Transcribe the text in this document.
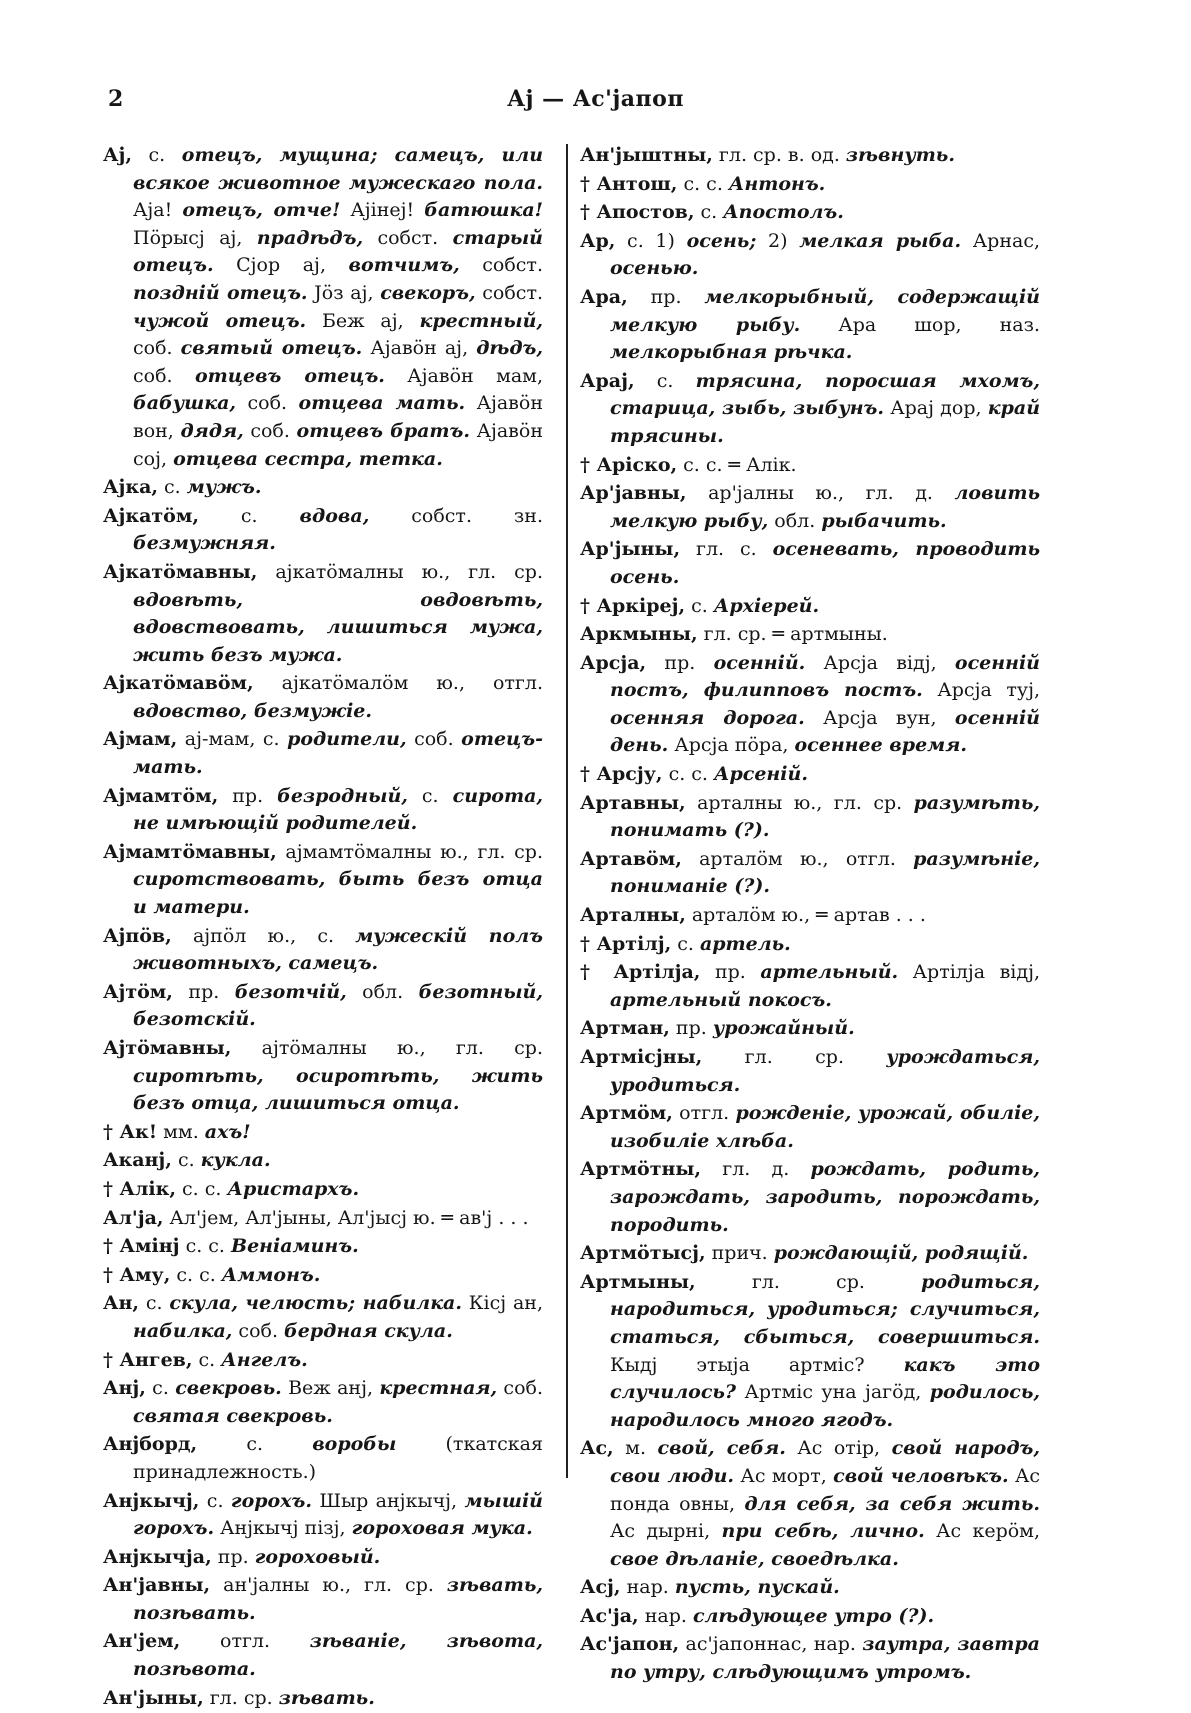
2	Аj — Ас'јапоп

Аj, с. отецъ, мущина; самецъ, или всякое животное мужескаго пола. Аја! отецъ, отче! Аjiнеj! батюшка! Пöрысj аj, прадѣдъ, собст. старый отецъ. Сjор аj, вотчимъ, собст. поздній отецъ. Jöз аj, свекоръ, собст. чужой отецъ. Беж аj, крестный, соб. святый отецъ. Аjавöн аj, дѣдъ, соб. отцевъ отецъ. Аjавöн мам, бабушка, соб. отцева мать. Аjавöн вон, дядя, соб. отцевъ братъ. Аjавöн соj, отцева сестра, тетка.

Аjка, с. мужъ.

Аjкатöм, с. вдова, собст. зн. безмужняя.

Аjкатöмавны, аjкатöмалны ю., гл. ср. вдовѣть, овдовѣть, вдовствовать, лишиться мужа, жить безъ мужа.

Аjкатöмавöм, аjкатöмалöм ю., отгл. вдовство, безмужіе.

Аjмам, аj-мам, с. родители, соб. отецъ-мать.

Аjмамтöм, пр. безродный, с. сирота, не имѣющій родителей.

Аjмамтöмавны, аjмамтöмалны ю., гл. ср. сиротствовать, быть безъ отца и матери.

Аjпöв, аjпöл ю., с. мужескій полъ животныхъ, самецъ.

Аjтöм, пр. безотчій, обл. безотный, безотскій.

Аjтöмавны, аjтöмалны ю., гл. ср. сиротѣть, осиротѣть, жить безъ отца, лишиться отца.

† Ак! мм. ахъ!

Аканj, с. кукла.

† Алiк, с. с. Аристархъ.

Ал'ја, Ал'jем, Ал'jыны, Ал'jысj ю. ═ ав'j . . .

† Амiнj с. с. Веніаминъ.

† Аму, с. с. Аммонъ.

Ан, с. скула, челюсть; набилка. Кiсj ан, набилка, соб. бердная скула.

† Ангев, с. Ангелъ.

Анj, с. свекровь. Веж анj, крестная, соб. святая свекровь.

Анjборд, с. воробы (ткатская принадлежность.)

Анjкычj, с. горохъ. Шыр анjкычj, мышій горохъ. Анjкычj пiзj, гороховая мука.

Анjкычја, пр. гороховый.

Ан'јавны, ан'јалны ю., гл. ср. зѣвать, позѣвать.

Ан'jем, отгл. зѣваніе, зѣвота, позѣвота.

Ан'jыны, гл. ср. зѣвать.

Ан'jыштны, гл. ср. в. од. зѣвнуть.

† Антош, с. с. Антонъ.

† Апостов, с. Апостолъ.

Ар, с. 1) осень; 2) мелкая рыба. Арнас, осенью.

Ара, пр. мелкорыбный, содержащій мелкую рыбу. Ара шор, наз. мелкорыбная рѣчка.

Араj, с. трясина, поросшая мхомъ, старица, зыбь, зыбунъ. Араj дор, край трясины.

† Арiско, с. с. ═ Алiк.

Ар'jавны, ар'jалны ю., гл. д. ловить мелкую рыбу, обл. рыбачить.

Ар'jыны, гл. с. осеневать, проводить осень.

† Аркiреj, с. Архіерей.

Аркмыны, гл. ср. ═ артмыны.

Арсја, пр. осенній. Арсја вiдj, осенній постъ, филипповъ постъ. Арсја туj, осенняя дорога. Арсја вун, осенній день. Арсја пöра, осеннее время.

† Арсју, с. с. Арсеній.

Артавны, арталны ю., гл. ср. разумѣть, понимать (?).

Артавöм, арталöм ю., отгл. разумѣніе, пониманіе (?).

Арталны, арталöм ю., ═ артав . . .

† Артiлj, с. артель.

† Артiлја, пр. артельный. Артiлја вiдj, артельный покосъ.

Артман, пр. урожайный.

Артмiсjны, гл. ср. урождаться, уродиться.

Артмöм, отгл. рожденіе, урожай, обиліе, изобиліе хлѣба.

Артмöтны, гл. д. рождать, родить, зарождать, зародить, порождать, породить.

Артмöтысj, прич. рождающій, родящій.

Артмыны, гл. ср. родиться, народиться, уродиться; случиться, статься, сбыться, совершиться. Кыдj этыја артмiс? какъ это случилось? Артмiс уна јагöд, родилось, народилось много ягодъ.

Ас, м. свой, себя. Ас отiр, свой народъ, свои люди. Ас морт, свой человѣкъ. Ас понда овны, для себя, за себя жить. Ас дырнi, при себѣ, лично. Ас керöм, свое дѣланіе, своедѣлка.

Асj, нар. пусть, пускай.

Ас'ја, нар. слѣдующее утро (?).

Ас'јапон, ас'јапоннас, нар. заутра, завтра по утру, слѣдующимъ утромъ.
